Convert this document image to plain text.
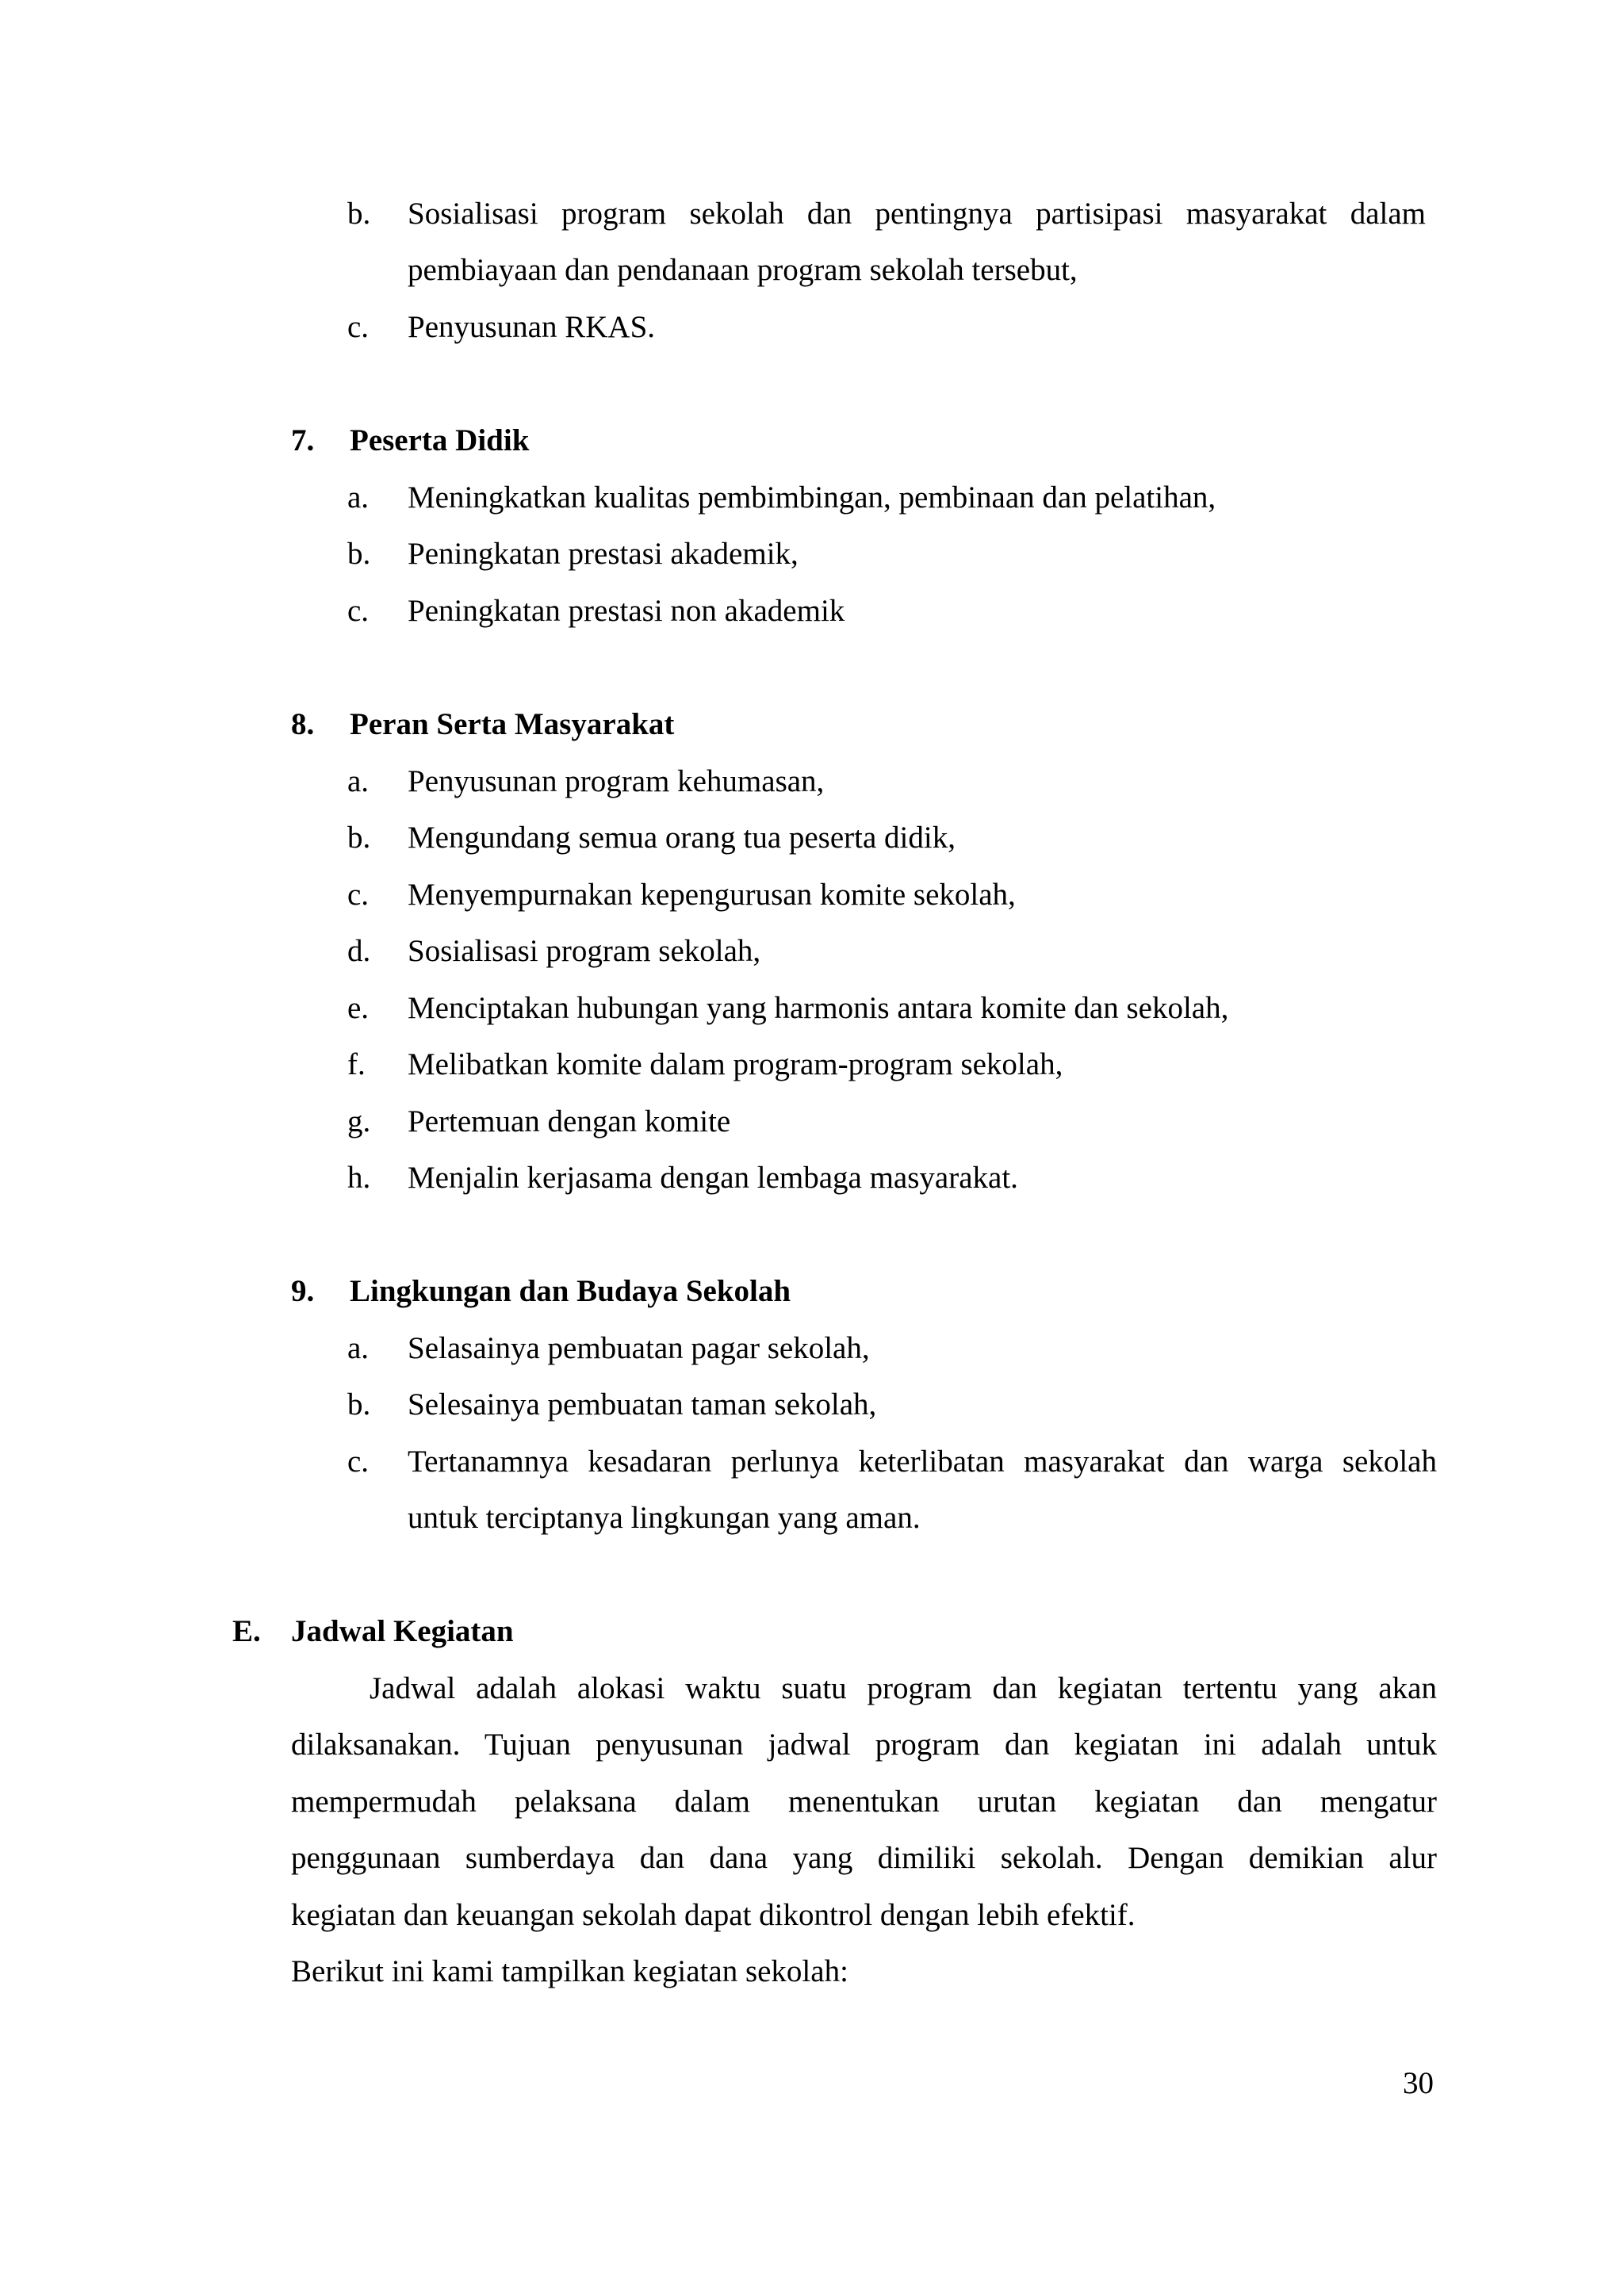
b. Sosialisasi program sekolah dan pentingnya partisipasi masyarakat dalam
pembiayaan dan pendanaan program sekolah tersebut,
c. Penyusunan RKAS.
7. Peserta Didik
a. Meningkatkan kualitas pembimbingan, pembinaan dan pelatihan,
b. Peningkatan prestasi akademik,
c. Peningkatan prestasi non akademik
8. Peran Serta Masyarakat
a. Penyusunan program kehumasan,
b. Mengundang semua orang tua peserta didik,
c. Menyempurnakan kepengurusan komite sekolah,
d. Sosialisasi program sekolah,
e. Menciptakan hubungan yang harmonis antara komite dan sekolah,
f. Melibatkan komite dalam program-program sekolah,
g. Pertemuan dengan komite
h. Menjalin kerjasama dengan lembaga masyarakat.
9. Lingkungan dan Budaya Sekolah
a. Selasainya pembuatan pagar sekolah,
b. Selesainya pembuatan taman sekolah,
c. Tertanamnya kesadaran perlunya keterlibatan masyarakat dan warga sekolah
untuk terciptanya lingkungan yang aman.
E. Jadwal Kegiatan
Jadwal adalah alokasi waktu suatu program dan kegiatan tertentu yang akan
dilaksanakan. Tujuan penyusunan jadwal program dan kegiatan ini adalah untuk
mempermudah pelaksana dalam menentukan urutan kegiatan dan mengatur
penggunaan sumberdaya dan dana yang dimiliki sekolah. Dengan demikian alur
kegiatan dan keuangan sekolah dapat dikontrol dengan lebih efektif.
Berikut ini kami tampilkan kegiatan sekolah:
30
